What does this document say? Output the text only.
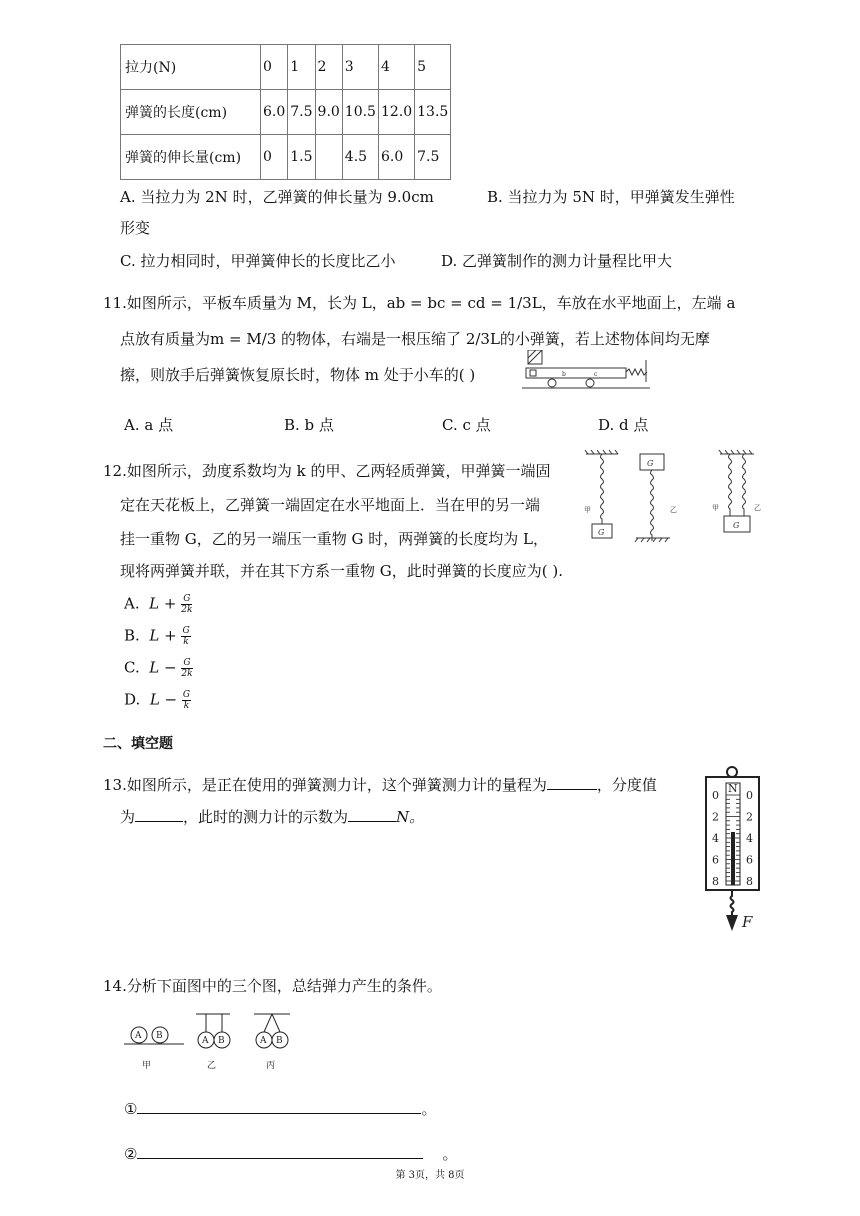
拉力(N)	0	1	2	3	4	5
弹簧的长度(cm)	6.0	7.5	9.0	10.5	12.0	13.5
弹簧的伸长量(cm)	0	1.5		4.5	6.0	7.5
A. 当拉力为 2N 时，乙弹簧的伸长量为 9.0cm	B. 当拉力为 5N 时，甲弹簧发生弹性
形变
C. 拉力相同时，甲弹簧伸长的长度比乙小	D. 乙弹簧制作的测力计量程比甲大
11.如图所示，平板车质量为 M，长为 L，ab = bc = cd = 1/3L，车放在水平地面上，左端 a
点放有质量为m = M/3 的物体，右端是一根压缩了 2/3L的小弹簧，若上述物体间均无摩
擦，则放手后弹簧恢复原长时，物体 m 处于小车的( )	b	c
A. a 点	B. b 点	C. c 点	D. d 点
12.如图所示，劲度系数均为 k 的甲、乙两轻质弹簧，甲弹簧一端固
定在天花板上，乙弹簧一端固定在水平地面上．当在甲的另一端
挂一重物 G，乙的另一端压一重物 G 时，两弹簧的长度均为 L，
现将两弹簧并联，并在其下方系一重物 G，此时弹簧的长度应为( ).
G
甲
G
乙
G
甲	乙
A. $L + \frac{G}{2k}$
B. $L + \frac{G}{k}$
C. $L - \frac{G}{2k}$
D. $L - \frac{G}{k}$
二、填空题
13.如图所示，是正在使用的弹簧测力计，这个弹簧测力计的量程为	，分度值
为	，此时的测力计的示数为	N。
N
0
2
4
6
8
0
2
4
6
8
F
14.分析下面图中的三个图，总结弹力产生的条件。
A B
甲
A B
乙
A B
丙
①	。
②	。
第 3页，共 8页
